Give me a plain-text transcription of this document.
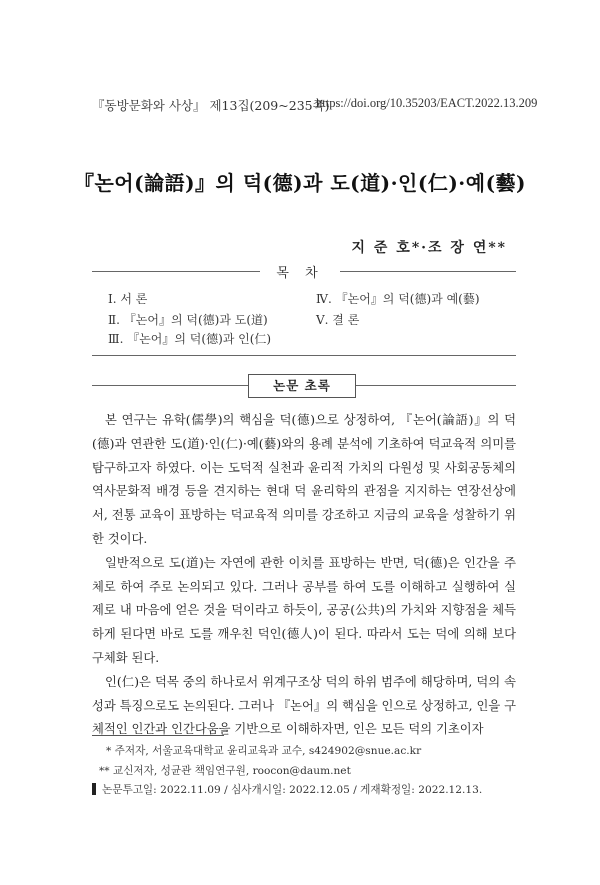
『동방문화와 사상』 제13집(209~235쪽)
https://doi.org/10.35203/EACT.2022.13.209
『논어(論語)』의 덕(德)과 도(道)·인(仁)·예(藝)
지 준 호*·조 장 연**
목 차
Ⅰ. 서 론
Ⅱ. 『논어』의 덕(德)과 도(道)
Ⅲ. 『논어』의 덕(德)과 인(仁)
Ⅳ. 『논어』의 덕(德)과 예(藝)
Ⅴ. 결 론
논문 초록

본 연구는 유학(儒學)의 핵심을 덕(德)으로 상정하여, 『논어(論語)』의 덕(德)과 연관한 도(道)·인(仁)·예(藝)와의 용례 분석에 기초하여 덕교육적 의미를 탐구하고자 하였다. 이는 도덕적 실천과 윤리적 가치의 다원성 및 사회공동체의 역사문화적 배경 등을 견지하는 현대 덕 윤리학의 관점을 지지하는 연장선상에서, 전통 교육이 표방하는 덕교육적 의미를 강조하고 지금의 교육을 성찰하기 위한 것이다.

일반적으로 도(道)는 자연에 관한 이치를 표방하는 반면, 덕(德)은 인간을 주체로 하여 주로 논의되고 있다. 그러나 공부를 하여 도를 이해하고 실행하여 실제로 내 마음에 얻은 것을 덕이라고 하듯이, 공공(公共)의 가치와 지향점을 체득하게 된다면 바로 도를 깨우친 덕인(德人)이 된다. 따라서 도는 덕에 의해 보다 구체화 된다.

인(仁)은 덕목 중의 하나로서 위계구조상 덕의 하위 범주에 해당하며, 덕의 속성과 특징으로도 논의된다. 그러나 『논어』의 핵심을 인으로 상정하고, 인을 구체적인 인간과 인간다움을 기반으로 이해하자면, 인은 모든 덕의 기초이자

* 주저자, 서울교육대학교 윤리교육과 교수, s424902@snue.ac.kr
** 교신저자, 성균관 책임연구원, roocon@daum.net
논문투고일: 2022.11.09 / 심사개시일: 2022.12.05 / 게재확정일: 2022.12.13.
